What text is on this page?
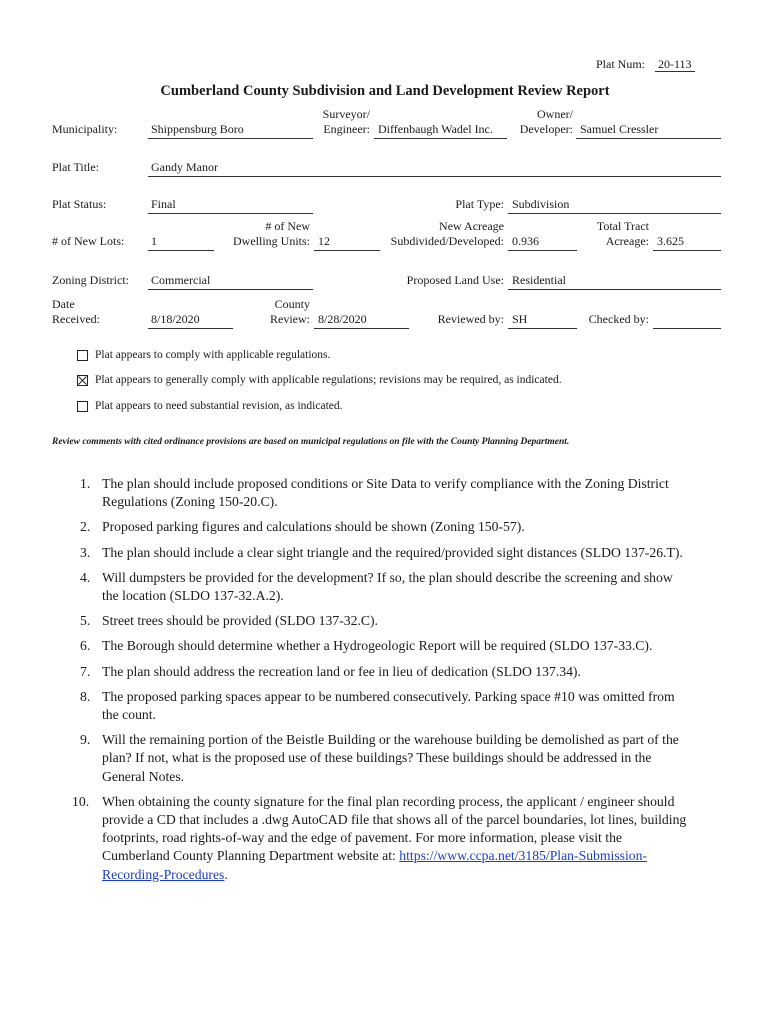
Plat Num: 20-113
Cumberland County Subdivision and Land Development Review Report
Municipality:	Shippensburg Boro
Surveyor/
Engineer: Diffenbaugh Wadel Inc.
Owner/
Developer: Samuel Cressler
Plat Title:	Gandy Manor
Plat Status:	Final	Plat Type: Subdivision
# of New Lots: 1
# of New
Dwelling Units: 12
New Acreage
Subdivided/Developed: 0.936
Total Tract
Acreage: 3.625
Zoning District: Commercial	Proposed Land Use: Residential
Date
Received:	8/18/2020
County
Review: 8/28/2020	Reviewed by: SH	Checked by:
Plat appears to comply with applicable regulations.
Plat appears to generally comply with applicable regulations; revisions may be required, as indicated.
Plat appears to need substantial revision, as indicated.
Review comments with cited ordinance provisions are based on municipal regulations on file with the County Planning Department.
1. The plan should include proposed conditions or Site Data to verify compliance with the Zoning District Regulations (Zoning 150-20.C).
2. Proposed parking figures and calculations should be shown (Zoning 150-57).
3. The plan should include a clear sight triangle and the required/provided sight distances (SLDO 137-26.T).
4. Will dumpsters be provided for the development? If so, the plan should describe the screening and show the location (SLDO 137-32.A.2).
5. Street trees should be provided (SLDO 137-32.C).
6. The Borough should determine whether a Hydrogeologic Report will be required (SLDO 137-33.C).
7. The plan should address the recreation land or fee in lieu of dedication (SLDO 137.34).
8. The proposed parking spaces appear to be numbered consecutively. Parking space #10 was omitted from the count.
9. Will the remaining portion of the Beistle Building or the warehouse building be demolished as part of the plan? If not, what is the proposed use of these buildings? These buildings should be addressed in the General Notes.
10. When obtaining the county signature for the final plan recording process, the applicant / engineer should provide a CD that includes a .dwg AutoCAD file that shows all of the parcel boundaries, lot lines, building footprints, road rights-of-way and the edge of pavement. For more information, please visit the Cumberland County Planning Department website at: https://www.ccpa.net/3185/Plan-Submission-Recording-Procedures.
